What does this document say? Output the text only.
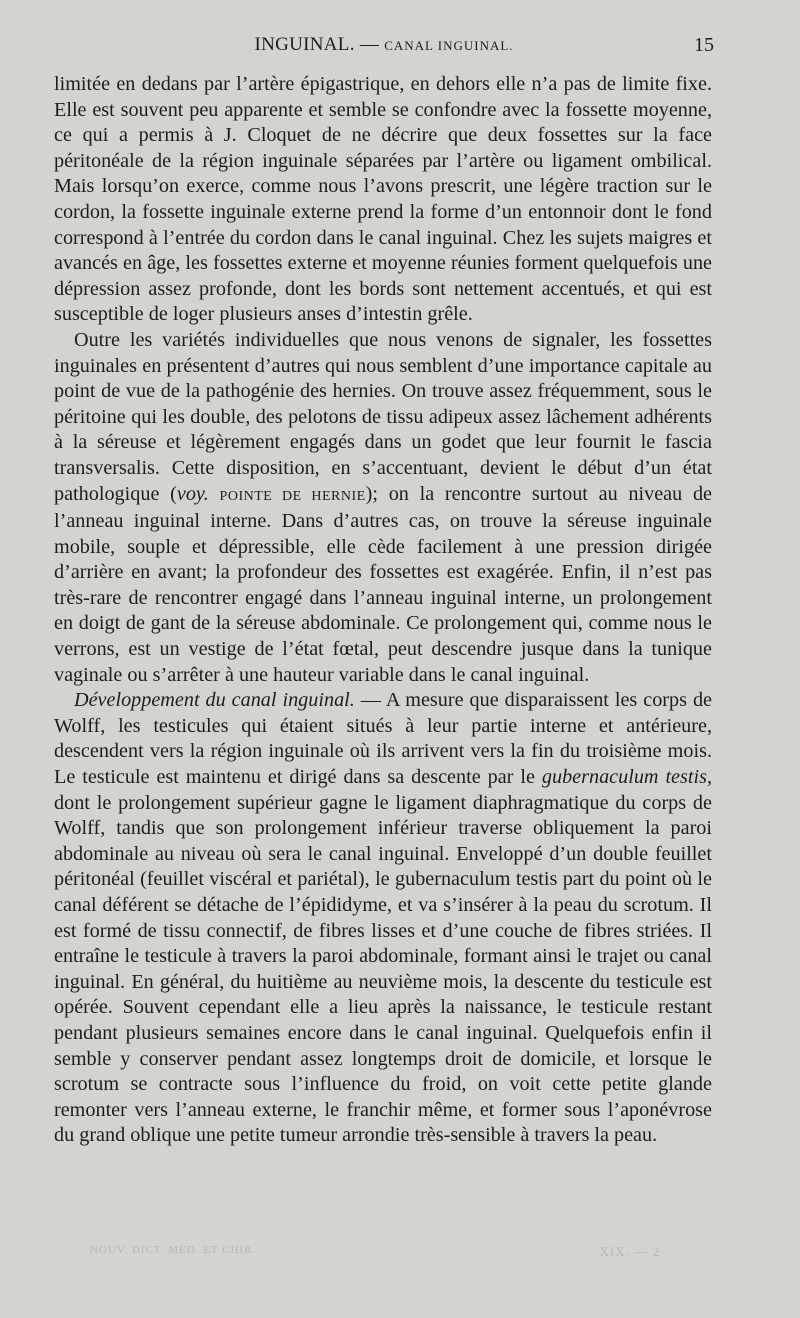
INGUINAL. — CANAL INGUINAL.	15

limitée en dedans par l’artère épigastrique, en dehors elle n’a pas de limite fixe. Elle est souvent peu apparente et semble se confondre avec la fossette moyenne, ce qui a permis à J. Cloquet de ne décrire que deux fossettes sur la face péritonéale de la région inguinale séparées par l’artère ou ligament ombilical. Mais lorsqu’on exerce, comme nous l’avons prescrit, une légère traction sur le cordon, la fossette inguinale externe prend la forme d’un entonnoir dont le fond correspond à l’entrée du cordon dans le canal inguinal. Chez les sujets maigres et avancés en âge, les fossettes externe et moyenne réunies forment quelquefois une dépression assez profonde, dont les bords sont nettement accentués, et qui est susceptible de loger plusieurs anses d’intestin grêle.

Outre les variétés individuelles que nous venons de signaler, les fossettes inguinales en présentent d’autres qui nous semblent d’une importance capitale au point de vue de la pathogénie des hernies. On trouve assez fréquemment, sous le péritoine qui les double, des pelotons de tissu adipeux assez lâchement adhérents à la séreuse et légèrement engagés dans un godet que leur fournit le fascia transversalis. Cette disposition, en s’accentuant, devient le début d’un état pathologique (voy. POINTE DE HERNIE); on la rencontre surtout au niveau de l’anneau inguinal interne. Dans d’autres cas, on trouve la séreuse inguinale mobile, souple et dépressible, elle cède facilement à une pression dirigée d’arrière en avant; la profondeur des fossettes est exagérée. Enfin, il n’est pas très-rare de rencontrer engagé dans l’anneau inguinal interne, un prolongement en doigt de gant de la séreuse abdominale. Ce prolongement qui, comme nous le verrons, est un vestige de l’état fœtal, peut descendre jusque dans la tunique vaginale ou s’arrêter à une hauteur variable dans le canal inguinal.

Développement du canal inguinal. — A mesure que disparaissent les corps de Wolff, les testicules qui étaient situés à leur partie interne et antérieure, descendent vers la région inguinale où ils arrivent vers la fin du troisième mois. Le testicule est maintenu et dirigé dans sa descente par le gubernaculum testis, dont le prolongement supérieur gagne le ligament diaphragmatique du corps de Wolff, tandis que son prolongement inférieur traverse obliquement la paroi abdominale au niveau où sera le canal inguinal. Enveloppé d’un double feuillet péritonéal (feuillet viscéral et pariétal), le gubernaculum testis part du point où le canal déférent se détache de l’épididyme, et va s’insérer à la peau du scrotum. Il est formé de tissu connectif, de fibres lisses et d’une couche de fibres striées. Il entraîne le testicule à travers la paroi abdominale, formant ainsi le trajet ou canal inguinal. En général, du huitième au neuvième mois, la descente du testicule est opérée. Souvent cependant elle a lieu après la naissance, le testicule restant pendant plusieurs semaines encore dans le canal inguinal. Quelquefois enfin il semble y conserver pendant assez longtemps droit de domicile, et lorsque le scrotum se contracte sous l’influence du froid, on voit cette petite glande remonter vers l’anneau externe, le franchir même, et former sous l’aponévrose du grand oblique une petite tumeur arrondie très-sensible à travers la peau.

NOUV. DICT. MÉD. ET CHIR.	XIX. — 2
